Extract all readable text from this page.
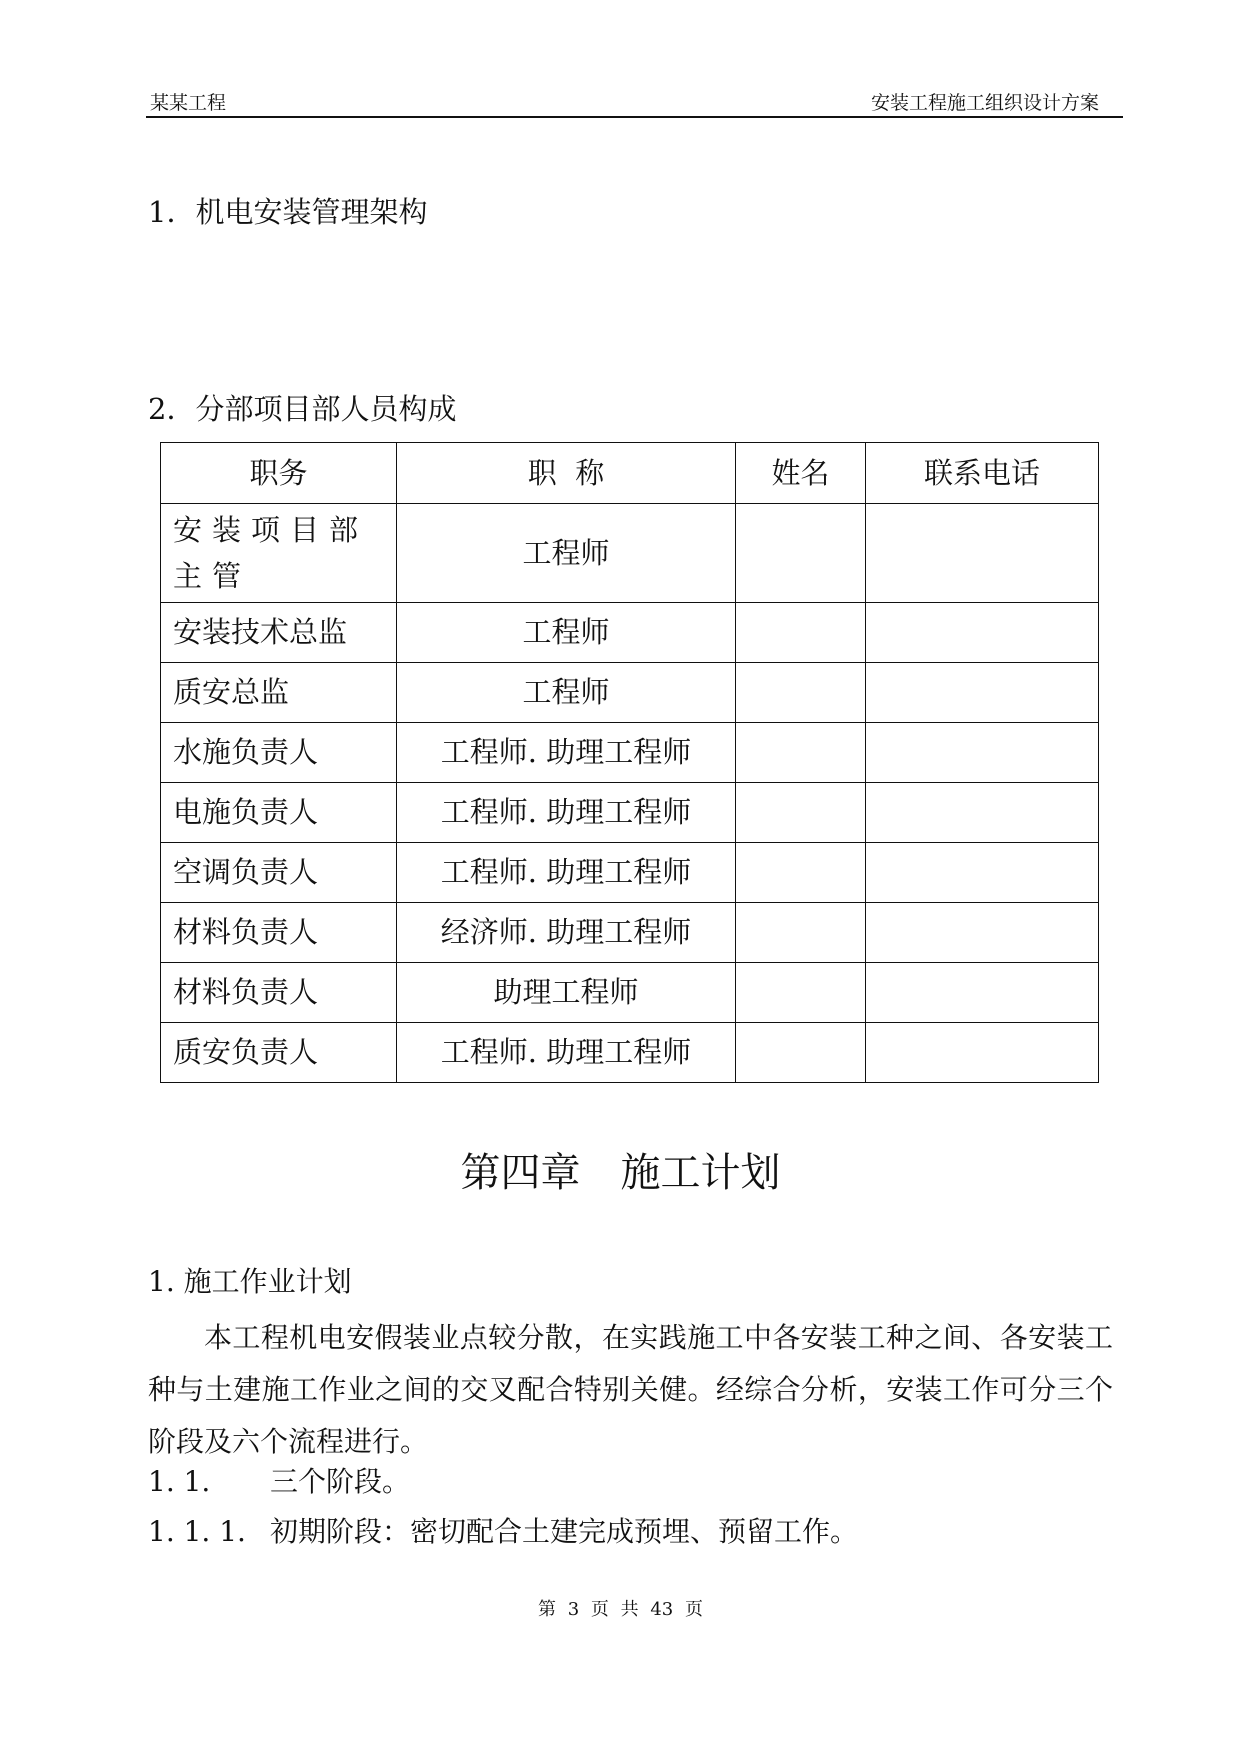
某某工程	安装工程施工组织设计方案
1．机电安装管理架构
2．分部项目部人员构成
职务	职  称	姓名	联系电话
安装项目部主管	工程师		
安装技术总监	工程师		
质安总监	工程师		
水施负责人	工程师. 助理工程师		
电施负责人	工程师. 助理工程师		
空调负责人	工程师. 助理工程师		
材料负责人	经济师. 助理工程师		
材料负责人	助理工程师		
质安负责人	工程师. 助理工程师		
第四章 施工计划
1. 施工作业计划

本工程机电安假装业点较分散，在实践施工中各安装工种之间、各安装工种与土建施工作业之间的交叉配合特别关健。经综合分析，安装工作可分三个阶段及六个流程进行。

1. 1. 三个阶段。
1. 1. 1. 初期阶段：密切配合土建完成预埋、预留工作。
第 3 页 共 43 页
